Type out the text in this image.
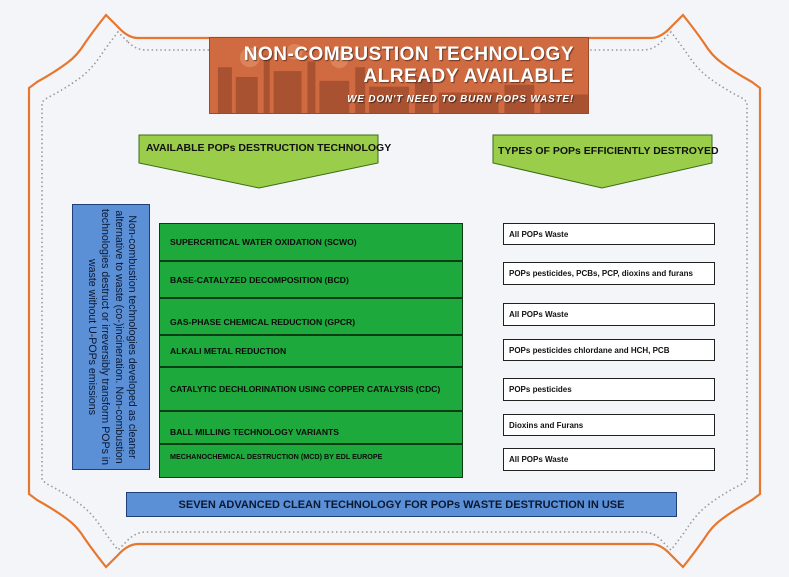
NON-COMBUSTION TECHNOLOGY
ALREADY AVAILABLE
WE DON'T NEED TO BURN POPS WASTE!
AVAILABLE POPs DESTRUCTION TECHNOLOGY	TYPES OF POPs EFFICIENTLY DESTROYED
Non-combustion technologies developed as cleaner alternative to waste (co-)incineration. Non-combustion technologies destruct or irreversibly transform POPs in waste without U-POPs emissions
SUPERCRITICAL WATER OXIDATION (SCWO)
BASE-CATALYZED DECOMPOSITION (BCD)
GAS-PHASE CHEMICAL REDUCTION (GPCR)
ALKALI METAL REDUCTION
CATALYTIC DECHLORINATION USING COPPER CATALYSIS (CDC)
BALL MILLING TECHNOLOGY VARIANTS
MECHANOCHEMICAL DESTRUCTION (MCD) BY EDL EUROPE
All POPs Waste
POPs pesticides, PCBs, PCP, dioxins and furans
All POPs Waste
POPs pesticides chlordane and HCH, PCB
POPs pesticides
Dioxins and Furans
All POPs Waste
SEVEN ADVANCED CLEAN TECHNOLOGY FOR POPs WASTE DESTRUCTION IN USE
